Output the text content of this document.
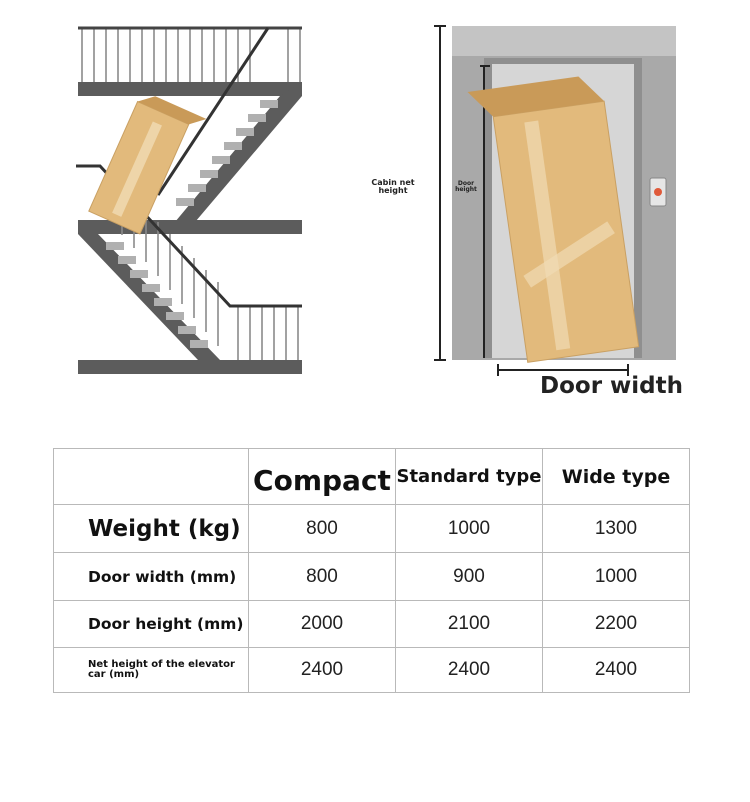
Cabin net height
Door height
Door width
	Compact	Standard type	Wide type
Weight (kg)	800	1000	1300
Door width (mm)	800	900	1000
Door height (mm)	2000	2100	2200
Net height of the elevator car (mm)	2400	2400	2400
